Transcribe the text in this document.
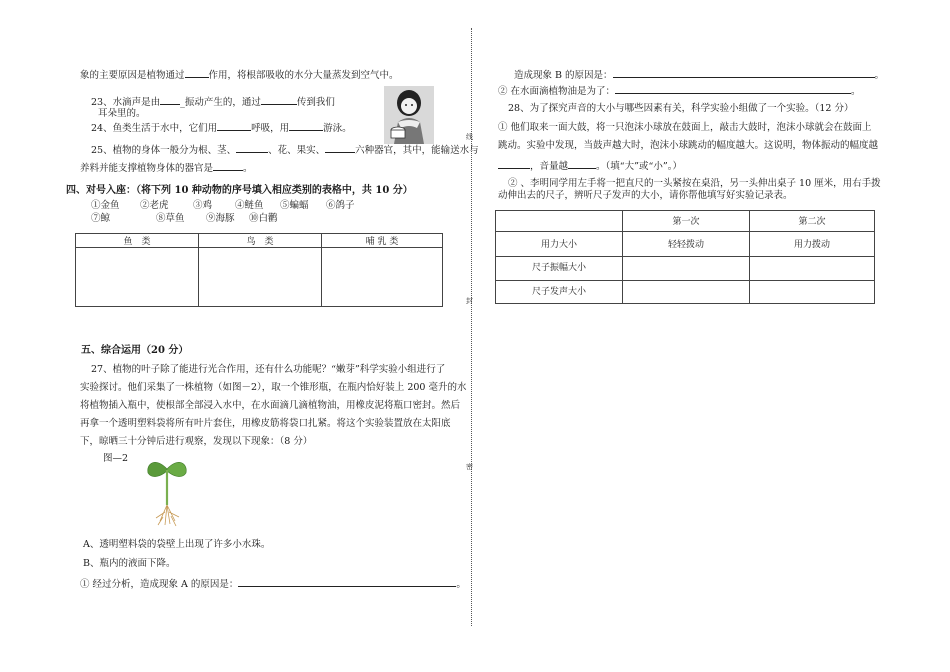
线
封
密
象的主要原因是植物通过	作用，将根部吸收的水分大量蒸发到空气中。
23、水滴声是由 _振动产生的，通过	传到我们
耳朵里的。
24、鱼类生活于水中，它们用	呼吸，用	游泳。
25、植物的身体一般分为根、茎、	、花、果实、	六种器官，其中，能输送水与
养料并能支撑植物身体的器官是	。
四、对号入座：（将下列 10 种动物的序号填入相应类别的表格中，共 10 分）
①金鱼 ②老虎	③鸡 ④鲢鱼 ⑤蝙蝠 ⑥鸽子
⑦鲸	⑧草鱼 ⑨海豚 ⑩白鹳
鱼　类	鸟　类	哺 乳 类

五、综合运用（20 分）
27、植物的叶子除了能进行光合作用，还有什么功能呢？“嫩芽”科学实验小组进行了
实验探讨。他们采集了一株植物（如图－2），取一个锥形瓶，在瓶内恰好装上 200 毫升的水
将植物插入瓶中，使根部全部浸入水中，在水面滴几滴植物油，用橡皮泥将瓶口密封。然后
再拿一个透明塑料袋将所有叶片套住，用橡皮筋将袋口扎紧。将这个实验装置放在太阳底
下，晾晒三十分钟后进行观察，发现以下现象：（8 分）
图—2
A、透明塑料袋的袋壁上出现了许多小水珠。
B、瓶内的液面下降。
① 经过分析，造成现象 A 的原因是：	。
造成现象 B 的原因是：	。
② 在水面滴植物油是为了：	。
28、为了探究声音的大小与哪些因素有关，科学实验小组做了一个实验。（12 分）
① 他们取来一面大鼓，将一只泡沫小球放在鼓面上，敲击大鼓时，泡沫小球就会在鼓面上
跳动。实验中发现，当鼓声越大时，泡沫小球跳动的幅度越大。这说明，物体振动的幅度越
，音量越	。（填“大”或“小”。）
② 、李明同学用左手将一把直尺的一头紧按在桌沿，另一头伸出桌子 10 厘米，用右手拨
动伸出去的尺子，辨听尺子发声的大小，请你帮他填写好实验记录表。
	第一次	第二次
用力大小	轻轻拨动	用力拨动
尺子振幅大小		
尺子发声大小		
